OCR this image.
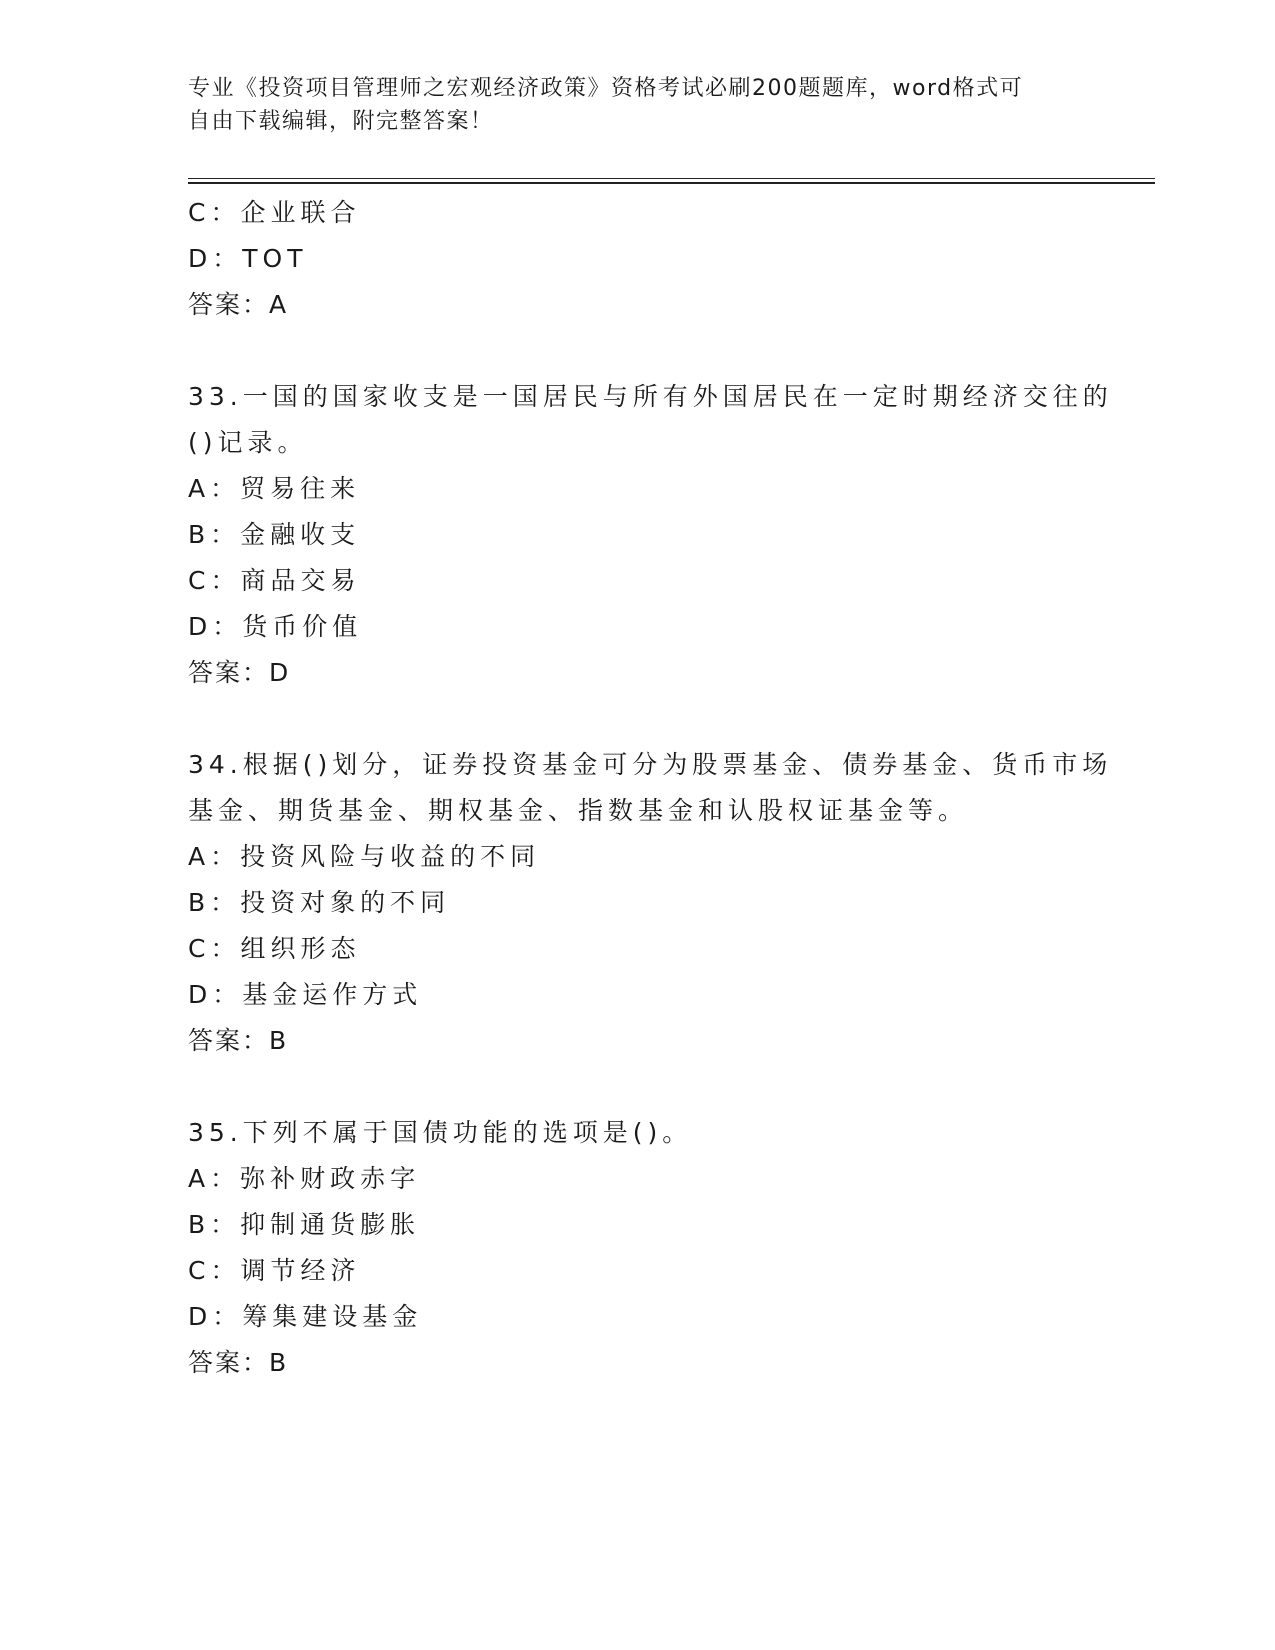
专业《投资项目管理师之宏观经济政策》资格考试必刷200题题库，word格式可
自由下载编辑，附完整答案！
C：企业联合
D：TOT
答案：A
33.一国的国家收支是一国居民与所有外国居民在一定时期经济交往的
()记录。
A：贸易往来
B：金融收支
C：商品交易
D：货币价值
答案：D
34.根据()划分，证券投资基金可分为股票基金、债券基金、货币市场
基金、期货基金、期权基金、指数基金和认股权证基金等。
A：投资风险与收益的不同
B：投资对象的不同
C：组织形态
D：基金运作方式
答案：B
35.下列不属于国债功能的选项是()。
A：弥补财政赤字
B：抑制通货膨胀
C：调节经济
D：筹集建设基金
答案：B
